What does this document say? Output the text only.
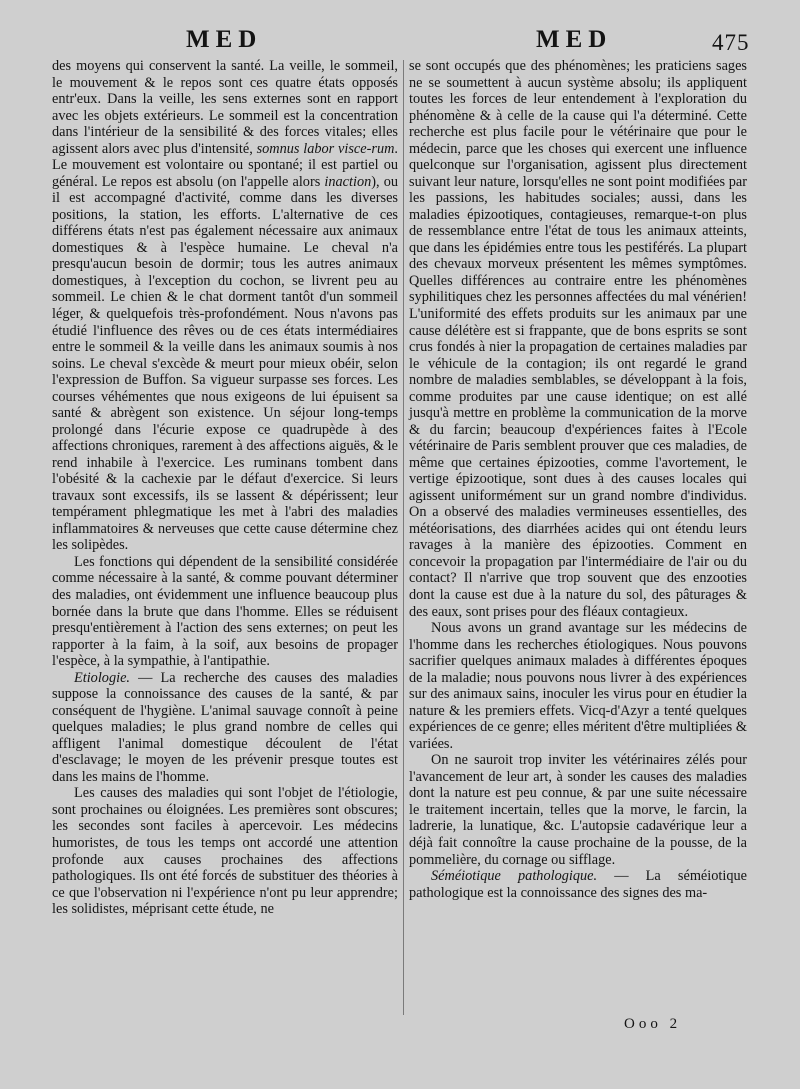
MED	MED	475

des moyens qui conservent la santé. La veille, le sommeil, le mouvement & le repos sont ces quatre états opposés entr'eux. Dans la veille, les sens externes sont en rapport avec les objets extérieurs. Le sommeil est la concentration dans l'intérieur de la sensibilité & des forces vitales; elles agissent alors avec plus d'intensité, somnus labor visce-rum. Le mouvement est volontaire ou spontané; il est partiel ou général. Le repos est absolu (on l'appelle alors inaction), ou il est accompagné d'activité, comme dans les diverses positions, la station, les efforts. L'alternative de ces différens états n'est pas également nécessaire aux animaux domestiques & à l'espèce humaine. Le cheval n'a presqu'aucun besoin de dormir; tous les autres animaux domestiques, à l'exception du cochon, se livrent peu au sommeil. Le chien & le chat dorment tantôt d'un sommeil léger, & quelquefois très-profondément. Nous n'avons pas étudié l'influence des rêves ou de ces états intermédiaires entre le sommeil & la veille dans les animaux soumis à nos soins. Le cheval s'excède & meurt pour mieux obéir, selon l'expression de Buffon. Sa vigueur surpasse ses forces. Les courses véhémentes que nous exigeons de lui épuisent sa santé & abrègent son existence. Un séjour long-temps prolongé dans l'écurie expose ce quadrupède à des affections chroniques, rarement à des affections aiguës, & le rend inhabile à l'exercice. Les ruminans tombent dans l'obésité & la cachexie par le défaut d'exercice. Si leurs travaux sont excessifs, ils se lassent & dépérissent; leur tempérament phlegmatique les met à l'abri des maladies inflammatoires & nerveuses que cette cause détermine chez les solipèdes.

Les fonctions qui dépendent de la sensibilité considérée comme nécessaire à la santé, & comme pouvant déterminer des maladies, ont évidemment une influence beaucoup plus bornée dans la brute que dans l'homme. Elles se réduisent presqu'entièrement à l'action des sens externes; on peut les rapporter à la faim, à la soif, aux besoins de propager l'espèce, à la sympathie, à l'antipathie.

Etiologie. — La recherche des causes des maladies suppose la connoissance des causes de la santé, & par conséquent de l'hygiène. L'animal sauvage connoît à peine quelques maladies; le plus grand nombre de celles qui affligent l'animal domestique découlent de l'état d'esclavage; le moyen de les prévenir presque toutes est dans les mains de l'homme.

Les causes des maladies qui sont l'objet de l'étiologie, sont prochaines ou éloignées. Les premières sont obscures; les secondes sont faciles à apercevoir. Les médecins humoristes, de tous les temps ont accordé une attention profonde aux causes prochaines des affections pathologiques. Ils ont été forcés de substituer des théories à ce que l'observation ni l'expérience n'ont pu leur apprendre; les solidistes, méprisant cette étude, ne

se sont occupés que des phénomènes; les praticiens sages ne se soumettent à aucun système absolu; ils appliquent toutes les forces de leur entendement à l'exploration du phénomène & à celle de la cause qui l'a déterminé. Cette recherche est plus facile pour le vétérinaire que pour le médecin, parce que les choses qui exercent une influence quelconque sur l'organisation, agissent plus directement suivant leur nature, lorsqu'elles ne sont point modifiées par les passions, les habitudes sociales; aussi, dans les maladies épizootiques, contagieuses, remarque-t-on plus de ressemblance entre l'état de tous les animaux atteints, que dans les épidémies entre tous les pestiférés. La plupart des chevaux morveux présentent les mêmes symptômes. Quelles différences au contraire entre les phénomènes syphilitiques chez les personnes affectées du mal vénérien! L'uniformité des effets produits sur les animaux par une cause délétère est si frappante, que de bons esprits se sont crus fondés à nier la propagation de certaines maladies par le véhicule de la contagion; ils ont regardé le grand nombre de maladies semblables, se développant à la fois, comme produites par une cause identique; on est allé jusqu'à mettre en problème la communication de la morve & du farcin; beaucoup d'expériences faites à l'Ecole vétérinaire de Paris semblent prouver que ces maladies, de même que certaines épizooties, comme l'avortement, le vertige épizootique, sont dues à des causes locales qui agissent uniformément sur un grand nombre d'individus. On a observé des maladies vermineuses essentielles, des météorisations, des diarrhées acides qui ont étendu leurs ravages à la manière des épizooties. Comment en concevoir la propagation par l'intermédiaire de l'air ou du contact? Il n'arrive que trop souvent que des enzooties dont la cause est due à la nature du sol, des pâturages & des eaux, sont prises pour des fléaux contagieux.

Nous avons un grand avantage sur les médecins de l'homme dans les recherches étiologiques. Nous pouvons sacrifier quelques animaux malades à différentes époques de la maladie; nous pouvons nous livrer à des expériences sur des animaux sains, inoculer les virus pour en étudier la nature & les premiers effets. Vicq-d'Azyr a tenté quelques expériences de ce genre; elles méritent d'être multipliées & variées.

On ne sauroit trop inviter les vétérinaires zélés pour l'avancement de leur art, à sonder les causes des maladies dont la nature est peu connue, & par une suite nécessaire le traitement incertain, telles que la morve, le farcin, la ladrerie, la lunatique, &c. L'autopsie cadavérique leur a déjà fait connoître la cause prochaine de la pousse, de la pommelière, du cornage ou sifflage.

Séméiotique pathologique. — La séméiotique pathologique est la connoissance des signes des ma-

Ooo 2
